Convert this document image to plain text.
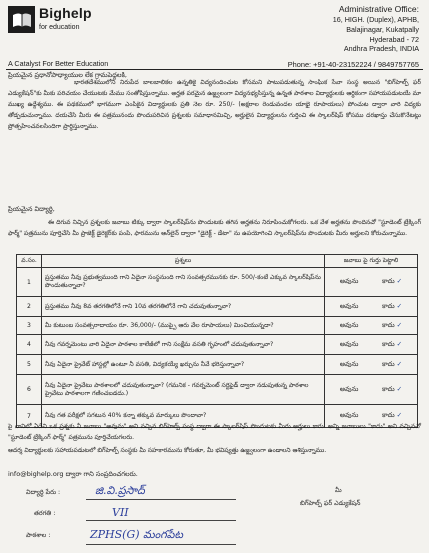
Bighelp
for education
A Catalyst For Better Education
Administrative Office:
16, HIGH. (Duplex), APHB,
Balajinagar, Kukatpally
Hyderabad - 72
Andhra Pradesh, INDIA
Phone: +91-40-23152224 / 9849757765
ప్రియమైన ప్రధానోపాధ్యాయుల లేక గ్రామపెద్దలకి,
భారతదేశములోని నిరుపేద బాలబాలికల ఉన్నతికై విద్యనందించుట కోసమని పాటుపడుతున్న సాంఘిక సేవా సంస్థ అయిన "బిగ్‌హెల్ప్ ఫర్ ఎడ్యుకేషన్"కు మీకు పరిచయం చేయుటకు మేము సంతోషిస్తున్నాము. అర్హత పరమైన ఉజ్జ్వలంగా విద్యనభ్యసిస్తున్న ఉన్నత పాఠశాల విద్యార్థులకు ఆర్థికంగా సహాయపడుటయే మా ముఖ్య ఉద్దేశ్యము. ఈ పథకములో భాగముగా ఎంపికైన విద్యార్థులకు ప్రతి నెల రూ. 250/- (అక్షరాల రెండువందల యాభై రూపాయలు) పోంచుట ద్వారా వారి విద్యకు తోడ్పడుచున్నాము. దయచేసి మీరు ఈ పత్రమునందు పొందుపరిచిన ప్రశ్నలకు సమాధానమిచ్చి, అర్హులైన విద్యార్థులను గుర్తించి ఈ స్కాలర్‌షిప్ కోసము దరఖాస్తు చేసుకొనేటట్లు ప్రోత్సహించవలసిందిగా ప్రార్థిస్తున్నాము.
ప్రియమైన విద్యార్థి,
ఈ దిగువ నిచ్చిన ప్రశ్నలకు జవాబు టిక్కు ద్వారా స్కాలర్‌షిప్‌ను పొందుటకు తగిన అర్హతను నిరూపించుకోగలరు. ఒక వేళ అర్హతను పొందినచో "స్టూడెంట్ ట్రేక్కింగ్ ఫార్మ్" పత్రమును పూర్తిచేసి మీ ప్రాజెక్ట్ డైరెక్టర్‌కు పంపి, ఫారమును ఆన్‌లైన్ ద్వారా "డైరెక్ట్ - డేటా" ను ఉపయోగించి స్కాలర్‌షిప్‌ను పొందుటకు మీరు అర్హులని కోరుచున్నాము.
వ.సం.	ప్రశ్నలు	జవాబు పై గుర్తు పెట్టాలి
1	ప్రస్తుతము నీవు ప్రభుత్వముంది గాని ఏదైనా సంస్థనుంది గాని సంవత్సరమునకు రూ. 500/-కంటే ఎక్కువ స్కాలర్‌షిప్‌ను పొందుతున్నావా?	అవును కాదు ✓

2	ప్రస్తుతము నీవు 8వ తరగతిలోనే గాని 10వ తరగతిలోనే గాని చదువుతున్నావా?	అవును కాదు ✓

3	మీ కుటుంబ సంవత్సరాదాయం రూ. 36,000/- (ముప్పై ఆరు వేల రూపాయలు) మించియున్నదా?	అవును కాదు ✓

4	నీవు గవర్నమెంటు వారి ఏదైనా పాఠశాల కాలేజీలో గాని సంక్షేమ వసతి గృహంలో చదువుతున్నావా?	అవును కాదు ✓

5	నీవు ఏదైనా ప్రైవేట్ హాస్టల్లో ఉంటూ నీ వసతి, విద్యకయ్యే ఖర్చును నీవే భరిస్తున్నావా?	అవును కాదు ✓

6	నీవు ఏదైనా ప్రైవేటు పాఠశాలలో చదువుతున్నావా? (గమనిక - గవర్నమెంట్ సర్టిఫైడ్ ద్వారా నడుపుతున్న పాఠశాల ప్రైవేటు పాఠశాలగా గణించబడదు.)	అవును కాదు ✓

7	నీవు గత పరీక్షలో సగటున 40% కన్నా తక్కువ మార్కులు పొందావా?	అవును కాదు ✓
పై వానిలో ఏదేని ఒక ప్రశ్నకు నీ జవాబు "అవును" అని వచ్చిన బిగ్‌హెల్ప్ సంస్థ ద్వారా ఈ స్కాలర్‌షిప్ పొందుటకు మీరు అర్హులు కారు. అన్ని జవాబులు "కాదు" అని వచ్చినచో "స్టూడెంట్ ట్రేక్కింగ్ ఫార్మ్" పత్రమును పూర్తిచేయగలరు.
ఆదర్శ విద్యార్థులకు సహాయపడుటలో బిగ్‌హెల్ప్ సంస్థకు మీ సహకారమును కోరుతూ, మీ భవిష్యత్తు ఉజ్జ్వలంగా ఉండాలని ఆశిస్తున్నాము.
info@bighelp.org ద్వారా గాని సంప్రదించగలరు.
విద్యార్థి పేరు :	జి.వి.ప్రసాద్
తరగతి :	VII
పాఠశాల :	ZPHS(G) మంగపేట
మీ
బిగ్‌హెల్ప్ ఫర్ ఎడ్యుకేషన్
